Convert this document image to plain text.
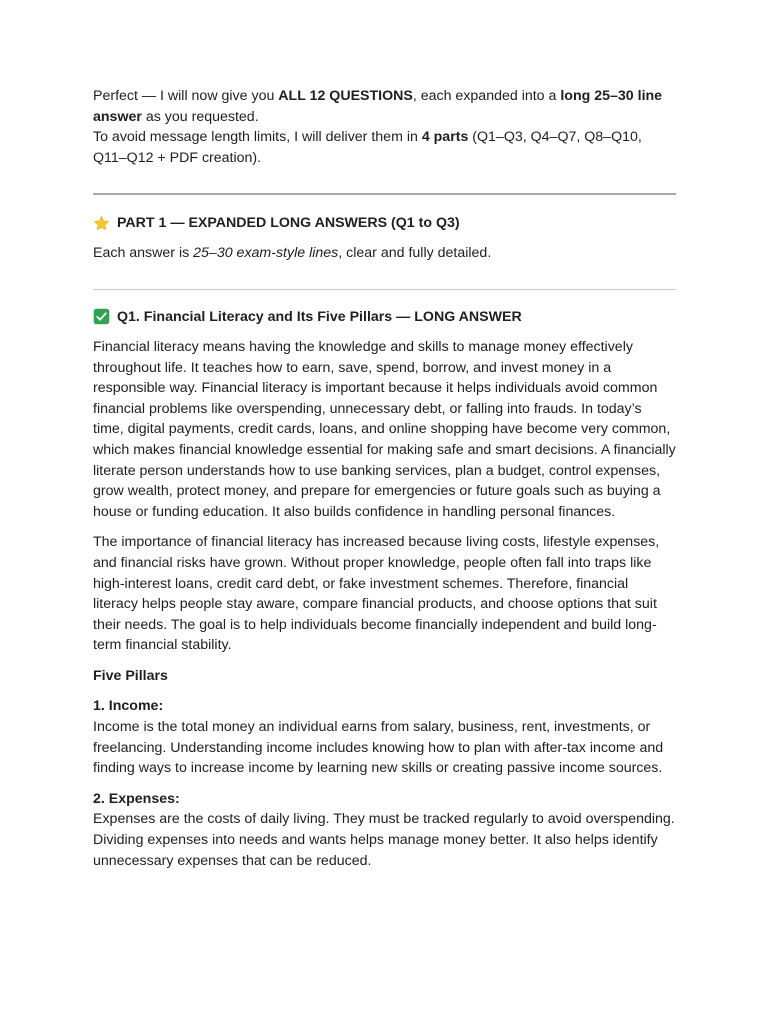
Perfect — I will now give you ALL 12 QUESTIONS, each expanded into a long 25–30 line answer as you requested.

To avoid message length limits, I will deliver them in 4 parts (Q1–Q3, Q4–Q7, Q8–Q10, Q11–Q12 + PDF creation).

PART 1 — EXPANDED LONG ANSWERS (Q1 to Q3)

Each answer is 25–30 exam-style lines, clear and fully detailed.

Q1. Financial Literacy and Its Five Pillars — LONG ANSWER

Financial literacy means having the knowledge and skills to manage money effectively throughout life. It teaches how to earn, save, spend, borrow, and invest money in a responsible way. Financial literacy is important because it helps individuals avoid common financial problems like overspending, unnecessary debt, or falling into frauds. In today’s time, digital payments, credit cards, loans, and online shopping have become very common, which makes financial knowledge essential for making safe and smart decisions. A financially literate person understands how to use banking services, plan a budget, control expenses, grow wealth, protect money, and prepare for emergencies or future goals such as buying a house or funding education. It also builds confidence in handling personal finances.

The importance of financial literacy has increased because living costs, lifestyle expenses, and financial risks have grown. Without proper knowledge, people often fall into traps like high-interest loans, credit card debt, or fake investment schemes. Therefore, financial literacy helps people stay aware, compare financial products, and choose options that suit their needs. The goal is to help individuals become financially independent and build long-term financial stability.

Five Pillars

1. Income:
Income is the total money an individual earns from salary, business, rent, investments, or freelancing. Understanding income includes knowing how to plan with after-tax income and finding ways to increase income by learning new skills or creating passive income sources.
2. Expenses:
Expenses are the costs of daily living. They must be tracked regularly to avoid overspending. Dividing expenses into needs and wants helps manage money better. It also helps identify unnecessary expenses that can be reduced.
